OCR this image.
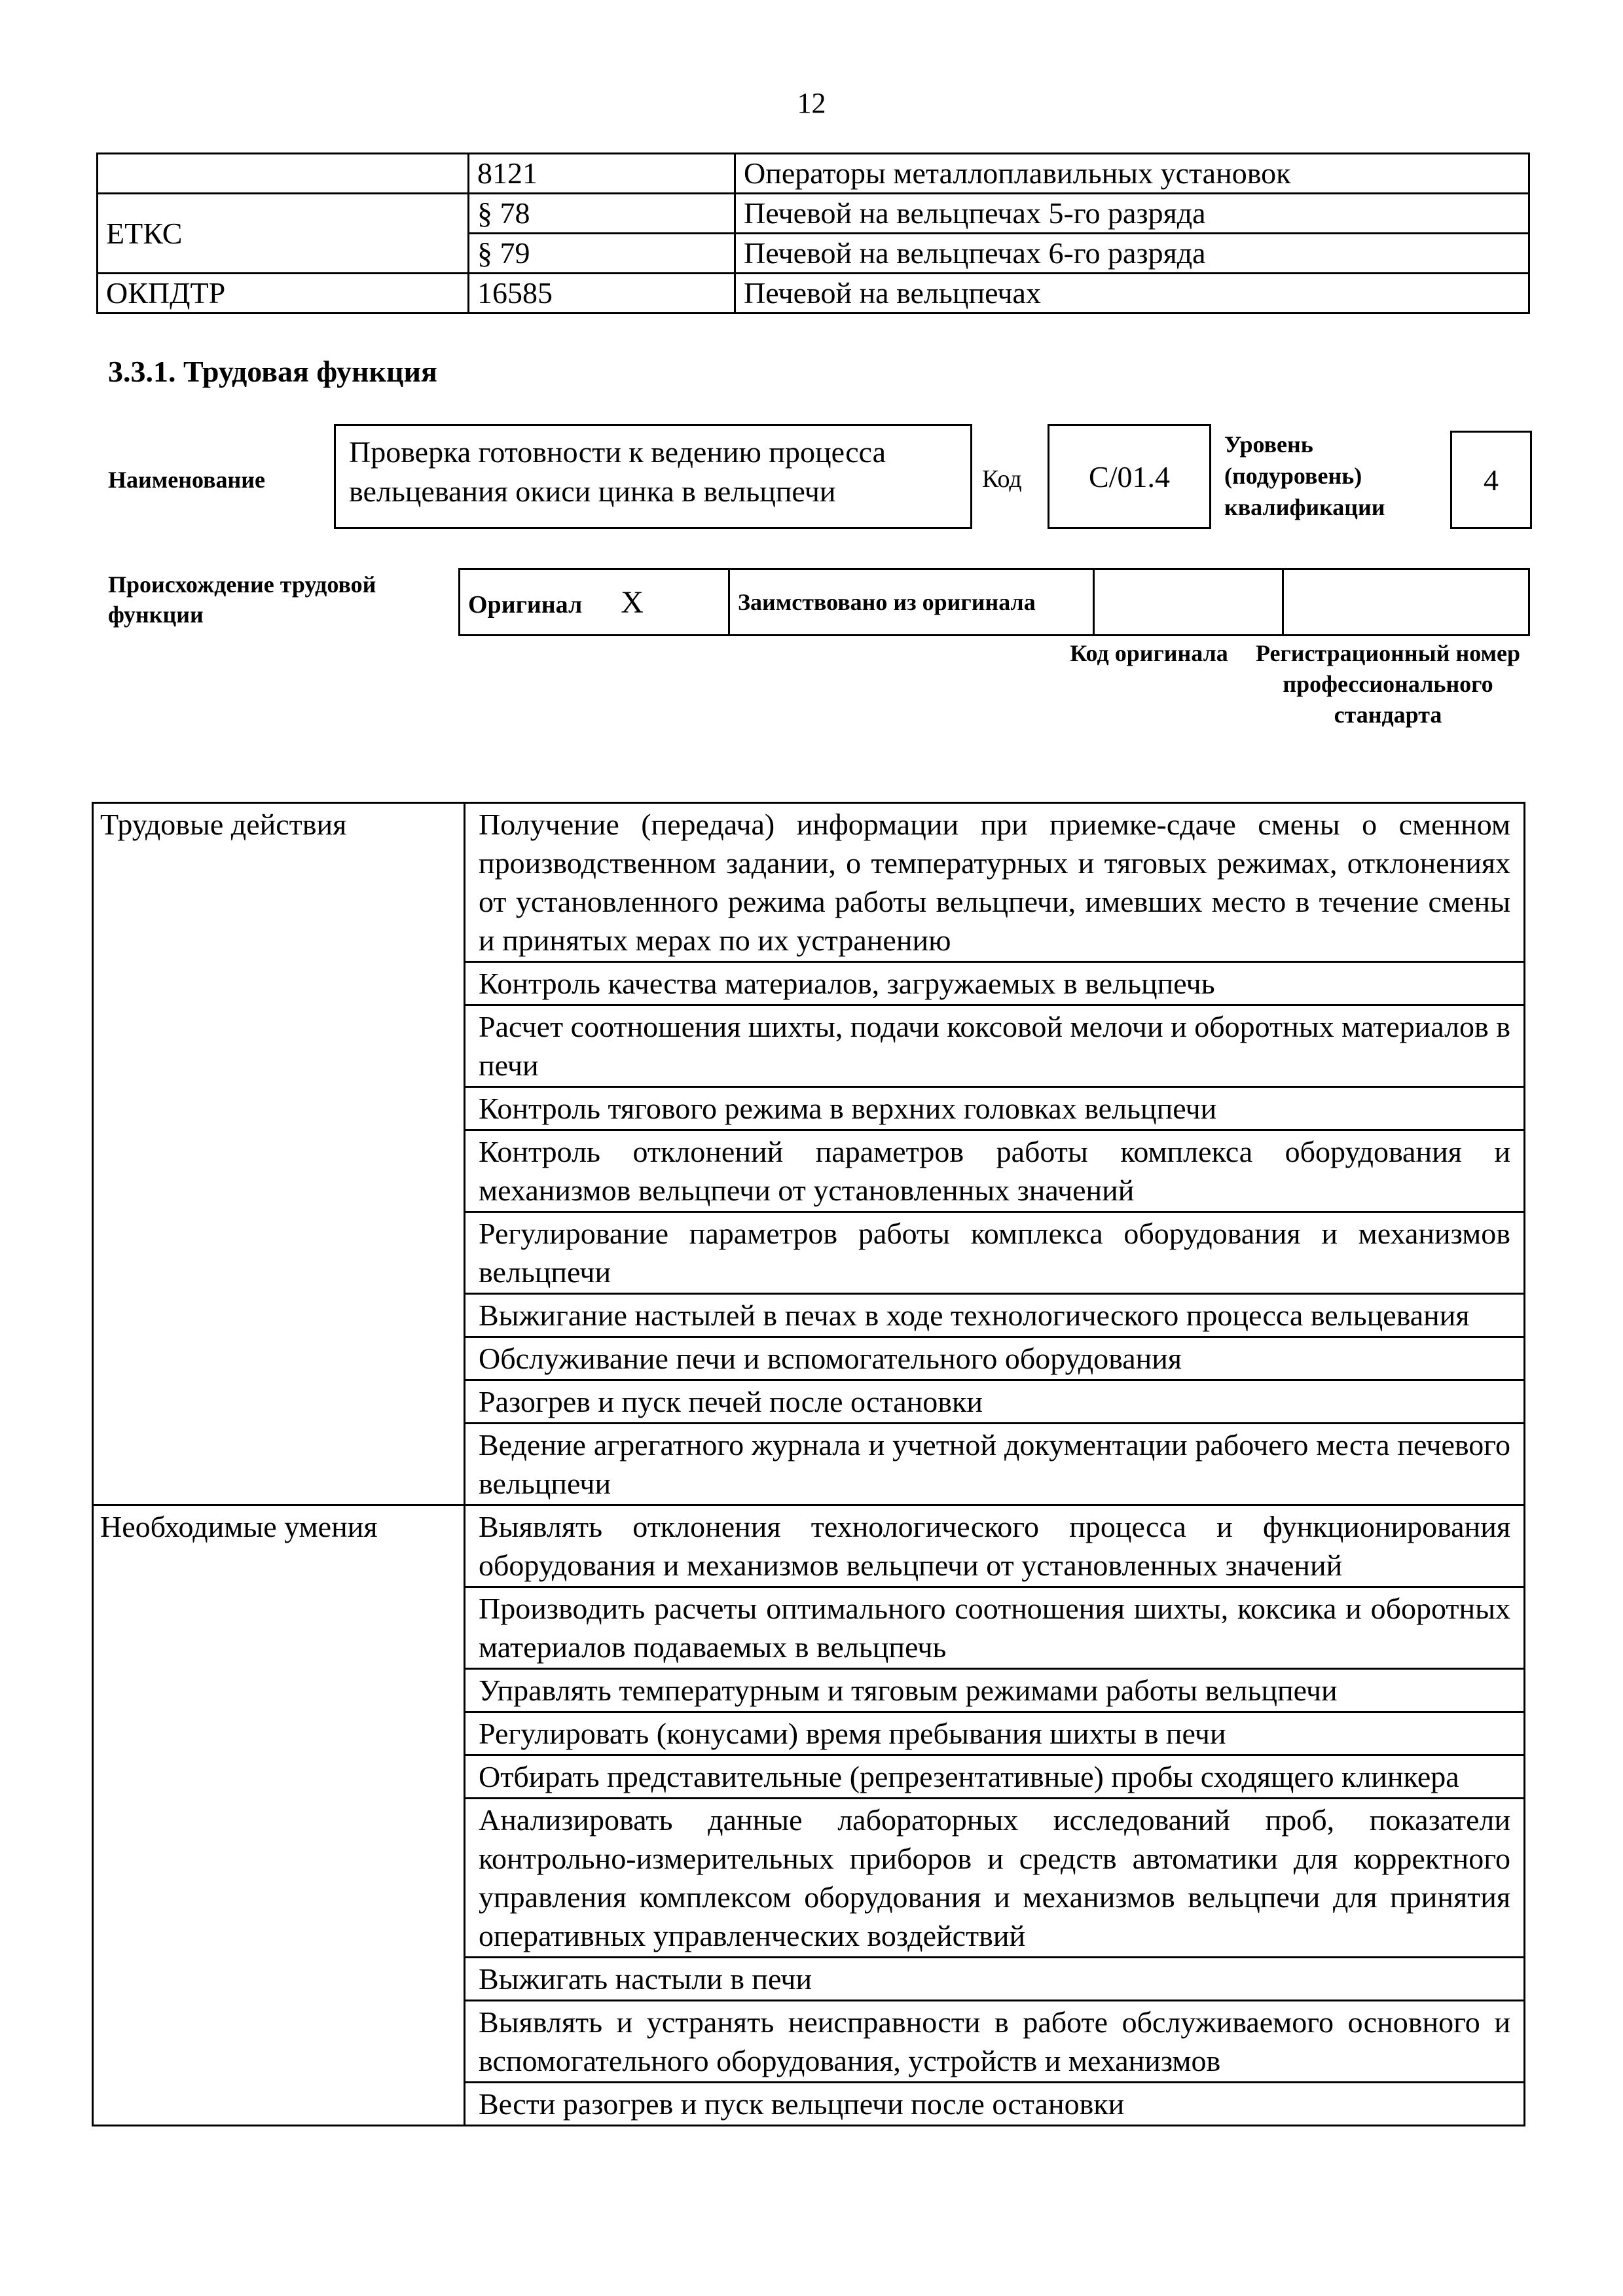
12
	8121	Операторы металлоплавильных установок
ЕТКС	§ 78	Печевой на вельцпечах 5-го разряда
	§ 79	Печевой на вельцпечах 6-го разряда
ОКПДТР	16585	Печевой на вельцпечах
3.3.1. Трудовая функция
Наименование
Проверка готовности к ведению процесса вельцевания окиси цинка в вельцпечи	Код C/01.4
Уровень (подуровень) квалификации
4
Происхождение трудовой функции	Оригинал X	Заимствовано из оригинала		
Код оригинала	Регистрационный номер профессионального стандарта
Трудовые действия	Получение (передача) информации при приемке-сдаче смены о сменном производственном задании, о температурных и тяговых режимах, отклонениях от установленного режима работы вельцпечи, имевших место в течение смены и принятых мерах по их устранению
	Контроль качества материалов, загружаемых в вельцпечь
	Расчет соотношения шихты, подачи коксовой мелочи и оборотных материалов в печи
	Контроль тягового режима в верхних головках вельцпечи
	Контроль отклонений параметров работы комплекса оборудования и механизмов вельцпечи от установленных значений
	Регулирование параметров работы комплекса оборудования и механизмов вельцпечи
	Выжигание настылей в печах в ходе технологического процесса вельцевания
	Обслуживание печи и вспомогательного оборудования
	Разогрев и пуск печей после остановки
	Ведение агрегатного журнала и учетной документации рабочего места печевого вельцпечи
Необходимые умения	Выявлять отклонения технологического процесса и функционирования оборудования и механизмов вельцпечи от установленных значений
	Производить расчеты оптимального соотношения шихты, коксика и оборотных материалов подаваемых в вельцпечь
	Управлять температурным и тяговым режимами работы вельцпечи
	Регулировать (конусами) время пребывания шихты в печи
	Отбирать представительные (репрезентативные) пробы сходящего клинкера
	Анализировать данные лабораторных исследований проб, показатели контрольно-измерительных приборов и средств автоматики для корректного управления комплексом оборудования и механизмов вельцпечи для принятия оперативных управленческих воздействий
	Выжигать настыли в печи
	Выявлять и устранять неисправности в работе обслуживаемого основного и вспомогательного оборудования, устройств и механизмов
	Вести разогрев и пуск вельцпечи после остановки
